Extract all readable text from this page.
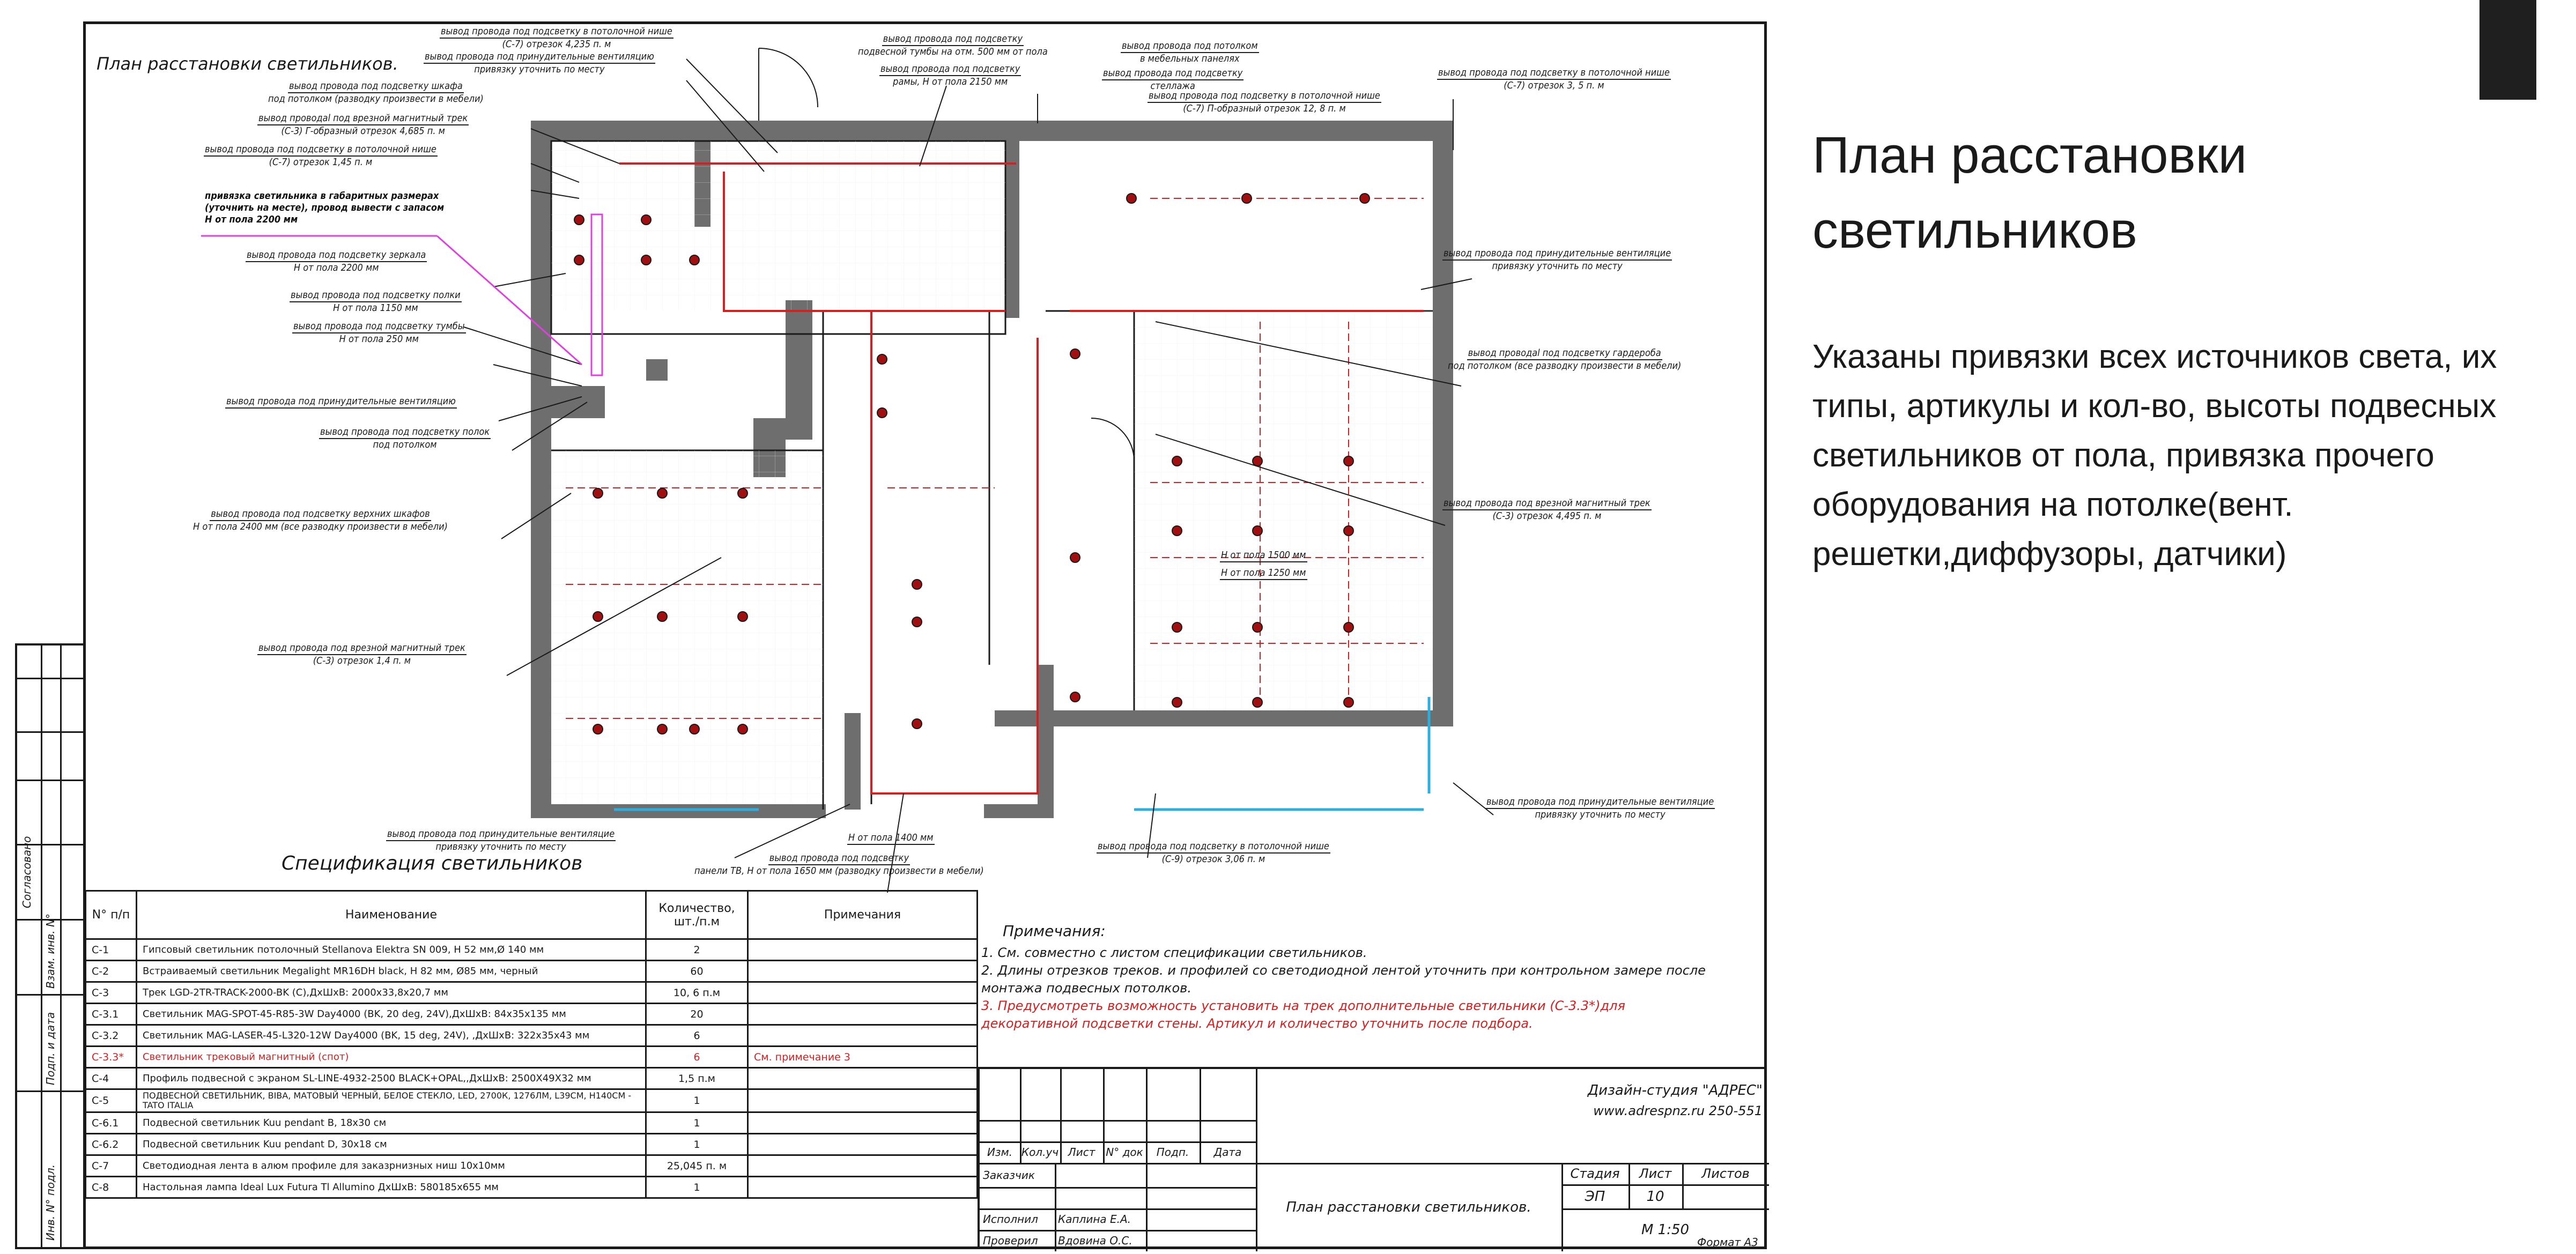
Согласовано
Взам. инв. N°
Подп. и дата
Инв. N° подл.
План расстановки светильников.
вывод провода под подсветку в потолочной нише
(С-7) отрезок 4,235 п. м
вывод провода под принудительные вентиляцию
привязку уточнить по месту
вывод провода под подсветку шкафа
под потолком (разводку произвести в мебели)
вывод проводаl под врезной магнитный трек
(С-3) Г-образный отрезок 4,685 п. м
вывод провода под подсветку в потолочной нише
(С-7) отрезок 1,45 п. м
привязка светильника в габаритных размерах
(уточнить на месте), провод вывести с запасом
Н от пола 2200 мм
вывод провода под подсветку зеркала
Н от пола 2200 мм
вывод провода под подсветку полки
Н от пола 1150 мм
вывод провода под подсветку тумбы
Н от пола 250 мм
вывод провода под принудительные вентиляцию
вывод провода под подсветку полок
под потолком
вывод провода под подсветку верхних шкафов
Н от пола 2400 мм (все разводку произвести в мебели)
вывод провода под врезной магнитный трек
(С-3) отрезок 1,4 п. м
вывод провода под подсветку
подвесной тумбы на отм. 500 мм от пола
вывод провода под подсветку
рамы, Н от пола 2150 мм
вывод провода под потолком
в мебельных панелях
вывод провода под подсветку
стеллажа
вывод провода под подсветку в потолочной нише
(С-7) П-образный отрезок 12, 8 п. м
вывод провода под подсветку в потолочной нише
(С-7) отрезок 3, 5 п. м
вывод провода под принудительные вентиляцие
привязку уточнить по месту
вывод проводаl под подсветку гардероба
под потолком (все разводку произвести в мебели)
вывод провода под врезной магнитный трек
(С-3) отрезок 4,495 п. м
Н от пола 1500 мм
Н от пола 1250 мм
вывод провода под принудительные вентиляцие
привязку уточнить по месту
вывод провода под принудительные вентиляцие
привязку уточнить по месту
Н от пола 1400 мм
вывод провода под подсветку
панели ТВ, Н от пола 1650 мм (разводку произвести в мебели)
вывод провода под подсветку в потолочной нише
(С-9) отрезок 3,06 п. м
Спецификация светильников
N° п/п	Наименование	Количество, шт./п.м	Примечания
С-1	Гипсовый светильник потолочный Stellanova Elektra SN 009, H 52 мм,Ø 140 мм	2	
С-2	Встраиваемый светильник Megalight MR16DH black, H 82 мм, Ø85 мм, черный	60	
С-3	Трек LGD-2TR-TRACK-2000-BK (C),ДхШхВ: 2000х33,8х20,7 мм	10, 6 п.м	
С-3.1	Светильник MAG-SPOT-45-R85-3W Day4000 (BK, 20 deg, 24V),ДхШхВ: 84х35х135 мм	20	
С-3.2	Светильник MAG-LASER-45-L320-12W Day4000 (BK, 15 deg, 24V), ,ДхШхВ: 322х35х43 мм	6	
С-3.3*	Светильник трековый магнитный (спот)	6	См. примечание 3
С-4	Профиль подвесной с экраном SL-LINE-4932-2500 BLACK+OPAL,,ДхШхВ: 2500Х49Х32 мм	1,5 п.м	
С-5	ПОДВЕСНОЙ СВЕТИЛЬНИК, BIBA, МАТОВЫЙ ЧЕРНЫЙ, БЕЛОЕ СТЕКЛО, LED, 2700К, 1276ЛМ, L39CM, H140CM - TATO ITALIA	1	
С-6.1	Подвесной светильник Kuu pendant B, 18х30 см	1	
С-6.2	Подвесной светильник Kuu pendant D, 30х18 см	1	
С-7	Светодиодная лента в алюм профиле для заказрнизных ниш 10х10мм	25,045 п. м	
С-8	Настольная лампа Ideal Lux Futura Tl Allumino ДхШхВ: 580185х655 мм	1	
Примечания:
1. См. совместно с листом спецификации светильников.
2. Длины отрезков треков. и профилей со светодиодной лентой уточнить при контрольном замере после
монтажа подвесных потолков.
3. Предусмотреть возможность установить на трек дополнительные светильники (С-3.3*)для
декоративной подсветки стены. Артикул и количество уточнить после подбора.
Изм. Кол.уч Лист N° док	Подп.	Дата
Заказчик
Исполнил	Каплина Е.А.
Проверил	Вдовина О.С.
Дизайн-студия "АДРЕС"
www.adrespnz.ru 250-551
План расстановки светильников.
Стадия	Лист	Листов
ЭП	10
М 1:50
Формат А3
План расстановки
светильников
Указаны привязки всех источников света, их типы, артикулы и кол-во, высоты подвесных светильников от пола, привязка прочего оборудования на потолке(вент. решетки,диффузоры, датчики)
